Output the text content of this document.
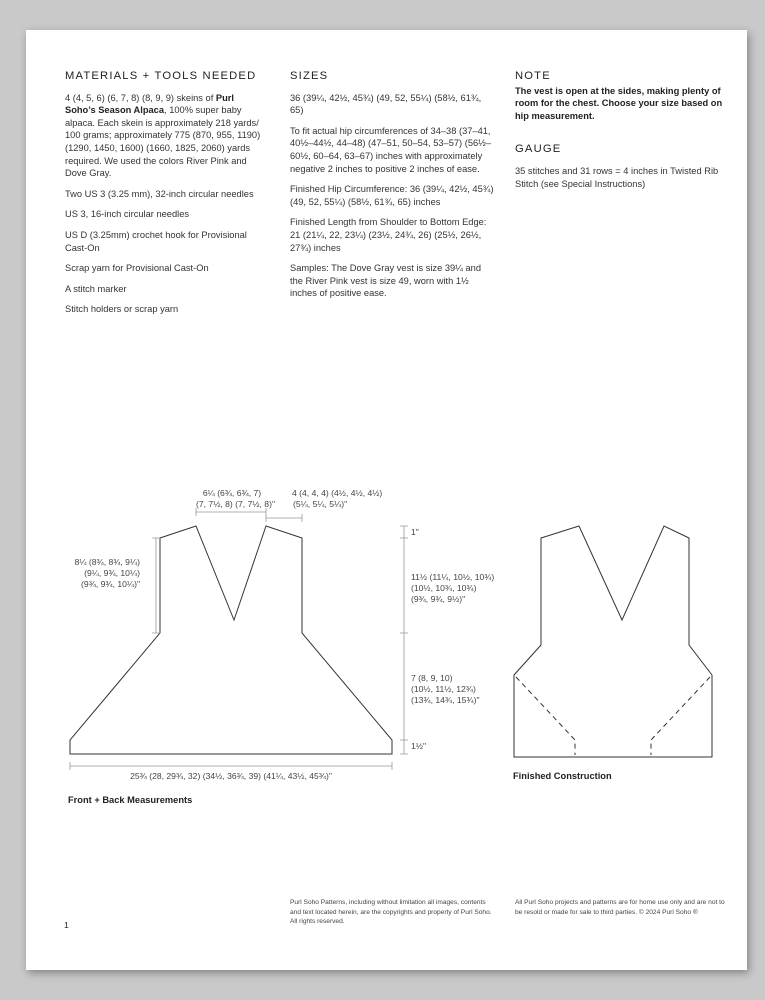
MATERIALS + TOOLS NEEDED

4 (4, 5, 6) (6, 7, 8) (8, 9, 9) skeins of Purl Soho’s Season Alpaca, 100% super baby alpaca. Each skein is approximately 218 yards/ 100 grams; approximately 775 (870, 955, 1190) (1290, 1450, 1600) (1660, 1825, 2060) yards required. We used the colors River Pink and Dove Gray.

Two US 3 (3.25 mm), 32-inch circular needles

US 3, 16-inch circular needles

US D (3.25mm) crochet hook for Provisional Cast-On

Scrap yarn for Provisional Cast-On

A stitch marker

Stitch holders or scrap yarn

SIZES

36 (39¼, 42½, 45¾) (49, 52, 55¼) (58½, 61¾, 65)

To fit actual hip circumferences of 34–38 (37–41, 40½–44½, 44–48) (47–51, 50–54, 53–57) (56½–60½, 60–64, 63–67) inches with approximately negative 2 inches to positive 2 inches of ease.

Finished Hip Circumference: 36 (39¼, 42½, 45¾) (49, 52, 55¼) (58½, 61¾, 65) inches

Finished Length from Shoulder to Bottom Edge: 21 (21¼, 22, 23¼) (23½, 24¾, 26) (25½, 26½, 27¾) inches

Samples: The Dove Gray vest is size 39¼ and the River Pink vest is size 49, worn with 1½ inches of positive ease.

NOTE

The vest is open at the sides, making plenty of room for the chest. Choose your size based on hip measurement.

GAUGE

35 stitches and 31 rows = 4 inches in Twisted Rib Stitch (see Special Instructions)

6¼ (6¾, 6¾, 7)
(7, 7½, 8) (7, 7½, 8)"
4 (4, 4, 4) (4½, 4½, 4½)
(5¼, 5¼, 5¼)"
8¼ (8¾, 8¾, 9¼)
(9¼, 9¾, 10¼)
(9¾, 9¾, 10¼)"
1"
11½ (11¼, 10½, 10¾)
(10½, 10¾, 10¾)
(9¾, 9¾, 9½)"
7 (8, 9, 10)
(10½, 11½, 12¾)
(13¾, 14¾, 15¾)"
1½"
25¾ (28, 29¾, 32) (34½, 36¾, 39) (41¼, 43½, 45¾)"
Front + Back Measurements
Finished Construction
1
Purl Soho Patterns, including without limitation all images, contents and text located herein, are the copyrights and property of Purl Soho. All rights reserved.
All Purl Soho projects and patterns are for home use only and are not to be resold or made for sale to third parties. © 2024 Purl Soho ®
